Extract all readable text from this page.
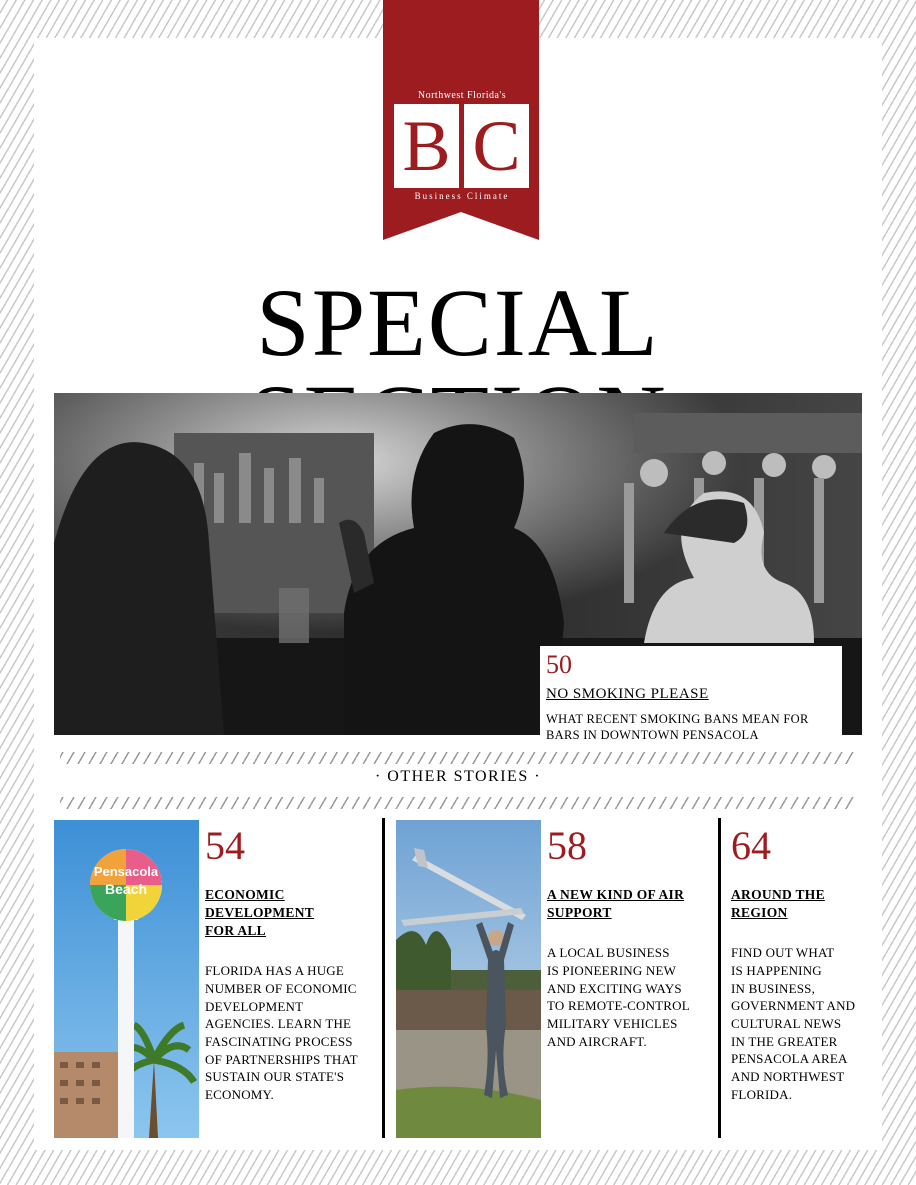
Northwest Florida's
B C
Business Climate
SPECIAL
50
NO SMOKING PLEASE
WHAT RECENT SMOKING BANS MEAN FOR BARS IN DOWNTOWN PENSACOLA
· OTHER STORIES ·
Pensacola
Beach
54
ECONOMIC
DEVELOPMENT
FOR ALL
FLORIDA HAS A HUGE
NUMBER OF ECONOMIC
DEVELOPMENT
AGENCIES. LEARN THE
FASCINATING PROCESS
OF PARTNERSHIPS THAT
SUSTAIN OUR STATE'S
ECONOMY.
58
A NEW KIND OF AIR
SUPPORT
A LOCAL BUSINESS
IS PIONEERING NEW
AND EXCITING WAYS
TO REMOTE-CONTROL
MILITARY VEHICLES
AND AIRCRAFT.
64
AROUND THE
REGION
FIND OUT WHAT
IS HAPPENING
IN BUSINESS,
GOVERNMENT AND
CULTURAL NEWS
IN THE GREATER
PENSACOLA AREA
AND NORTHWEST
FLORIDA.
